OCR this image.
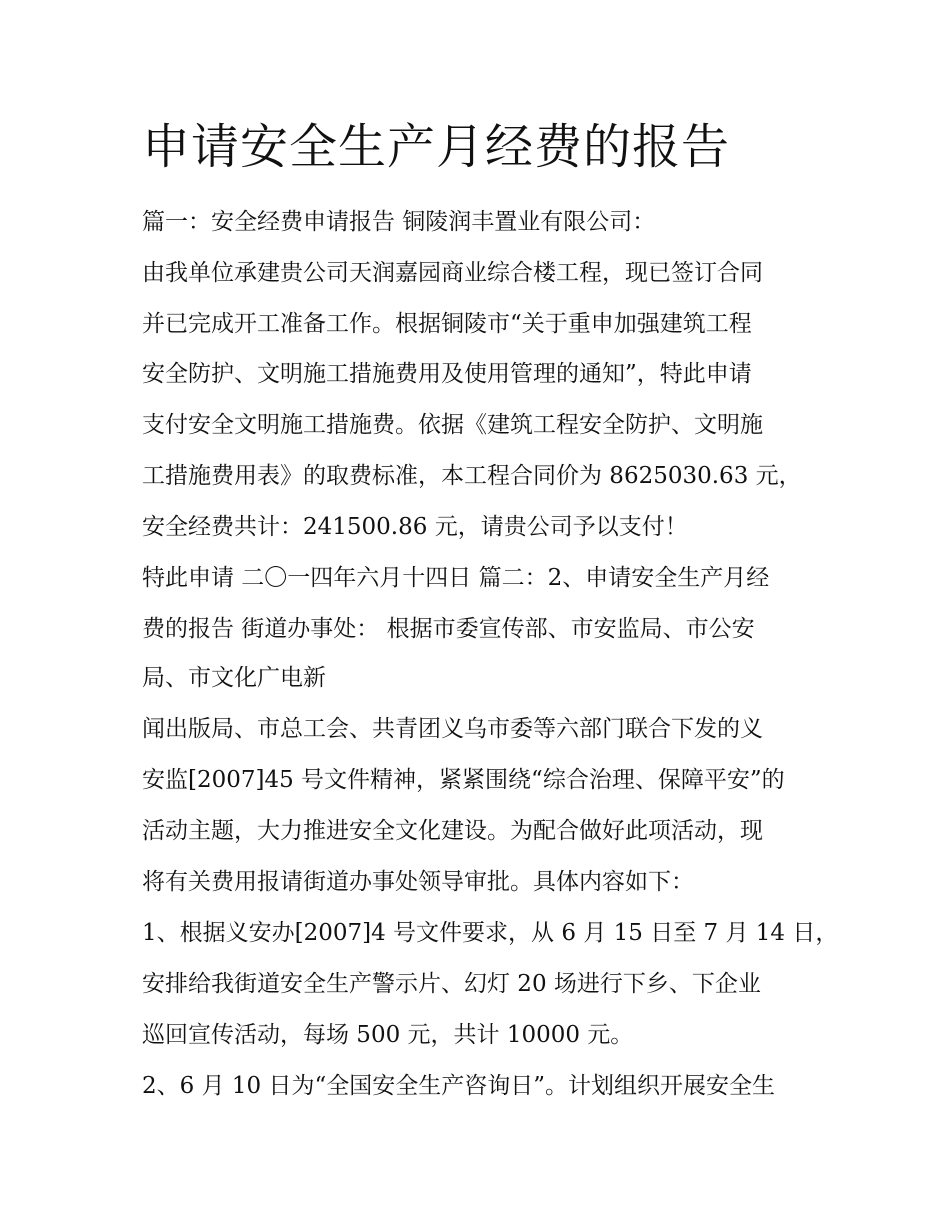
申请安全生产月经费的报告

篇一：安全经费申请报告 铜陵润丰置业有限公司：

由我单位承建贵公司天润嘉园商业综合楼工程，现已签订合同

并已完成开工准备工作。根据铜陵市“关于重申加强建筑工程

安全防护、文明施工措施费用及使用管理的通知”，特此申请

支付安全文明施工措施费。依据《建筑工程安全防护、文明施

工措施费用表》的取费标准，本工程合同价为 8625030.63 元，

安全经费共计：241500.86 元，请贵公司予以支付！

特此申请 二〇一四年六月十四日 篇二：2、申请安全生产月经

费的报告 街道办事处： 根据市委宣传部、市安监局、市公安

局、市文化广电新

闻出版局、市总工会、共青团义乌市委等六部门联合下发的义

安监[2007]45 号文件精神，紧紧围绕“综合治理、保障平安”的

活动主题，大力推进安全文化建设。为配合做好此项活动，现

将有关费用报请街道办事处领导审批。具体内容如下：

1、根据义安办[2007]4 号文件要求，从 6 月 15 日至 7 月 14 日，

安排给我街道安全生产警示片、幻灯 20 场进行下乡、下企业

巡回宣传活动，每场 500 元，共计 10000 元。

2、6 月 10 日为“全国安全生产咨询日”。计划组织开展安全生
